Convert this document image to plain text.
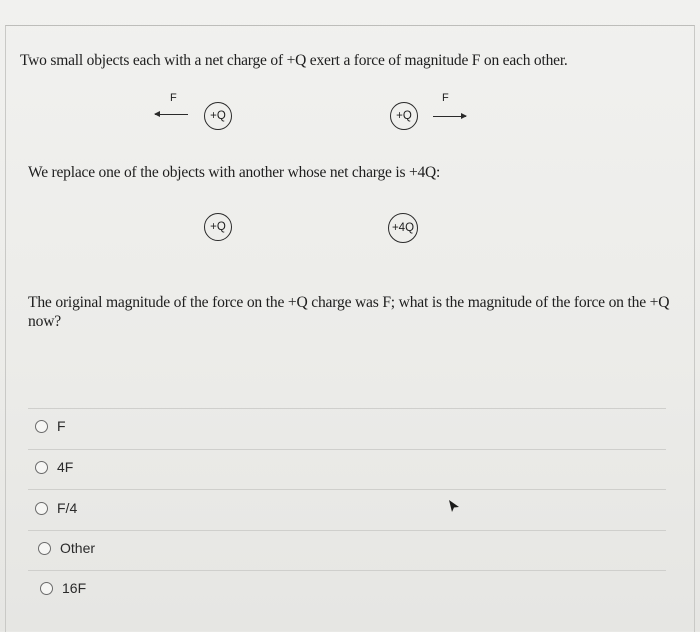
Two small objects each with a net charge of +Q exert a force of magnitude F on each other.
F
+Q	+Q
F
We replace one of the objects with another whose net charge is +4Q:
+Q	+4Q
The original magnitude of the force on the +Q charge was F; what is the magnitude of the force on the +Q now?
F
4F
F/4
Other
16F
